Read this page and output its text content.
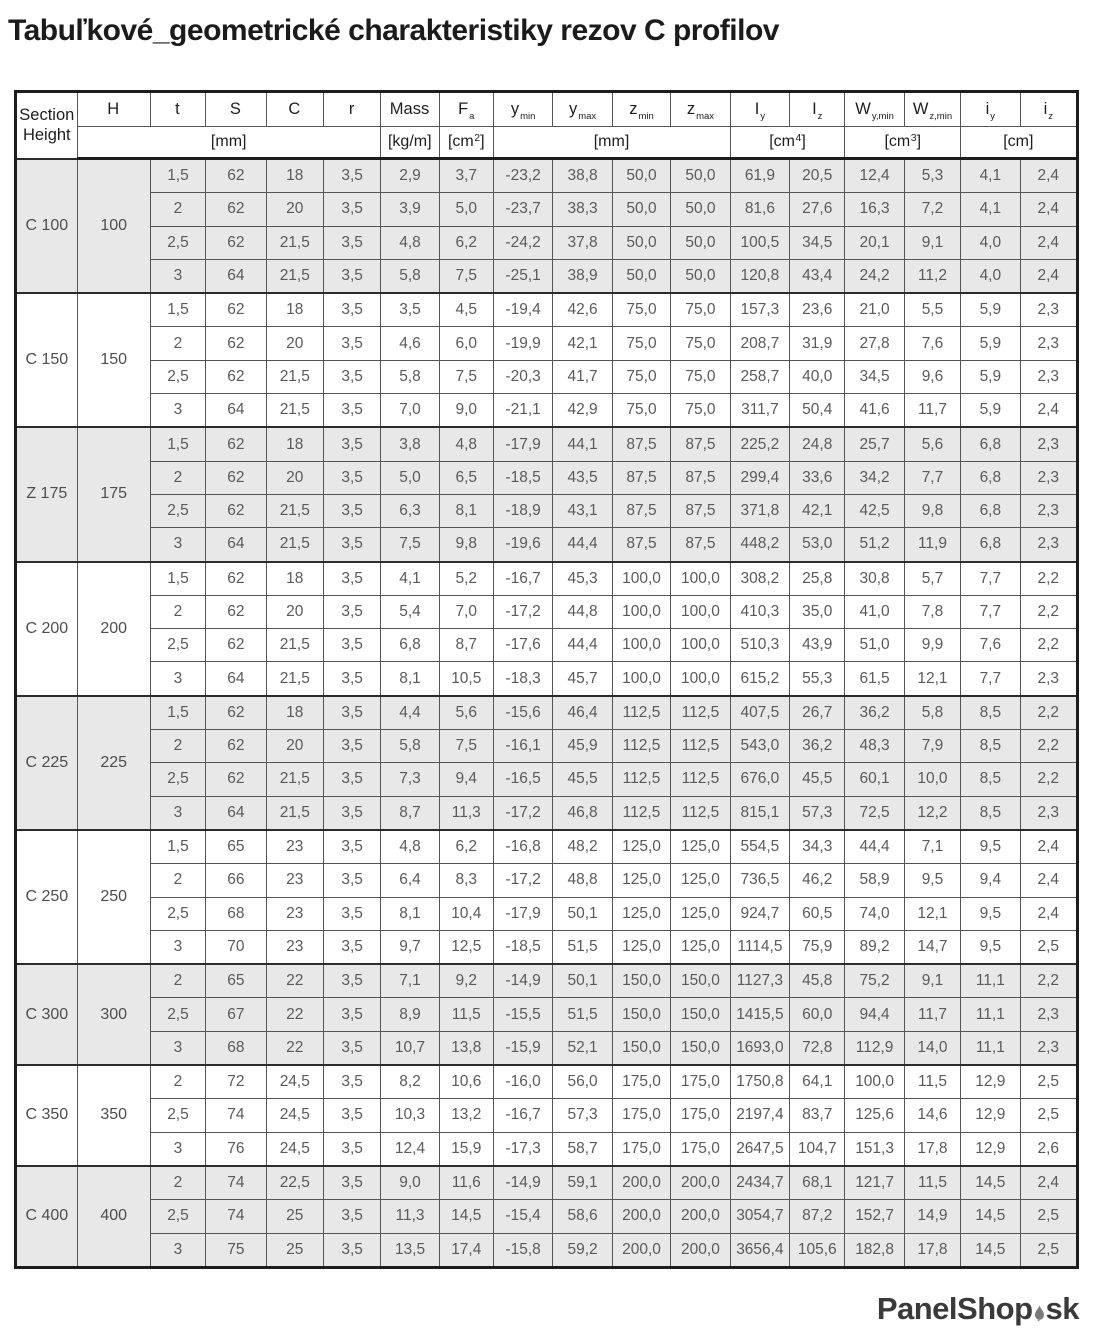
Tabuľkové_geometrické charakteristiky rezov C profilov
Section
Height	H	t	S	C	r	Mass	$F_a$	$y_{min}$	$y_{max}$	$z_{min}$	$z_{max}$	$I_y$	$I_z$	$W_{y,min}$	$W_{z,min}$	$i_y$	$i_z$
	[mm]					[kg/m]	$[cm^2]$	[mm]				$[cm^4]$		$[cm^3]$		[cm]	
C 100	100	1,5	62	18	3,5	2,9	3,7	-23,2	38,8	50,0	50,0	61,9	20,5	12,4	5,3	4,1	2,4
		2	62	20	3,5	3,9	5,0	-23,7	38,3	50,0	50,0	81,6	27,6	16,3	7,2	4,1	2,4
		2,5	62	21,5	3,5	4,8	6,2	-24,2	37,8	50,0	50,0	100,5	34,5	20,1	9,1	4,0	2,4
		3	64	21,5	3,5	5,8	7,5	-25,1	38,9	50,0	50,0	120,8	43,4	24,2	11,2	4,0	2,4
C 150	150	1,5	62	18	3,5	3,5	4,5	-19,4	42,6	75,0	75,0	157,3	23,6	21,0	5,5	5,9	2,3
		2	62	20	3,5	4,6	6,0	-19,9	42,1	75,0	75,0	208,7	31,9	27,8	7,6	5,9	2,3
		2,5	62	21,5	3,5	5,8	7,5	-20,3	41,7	75,0	75,0	258,7	40,0	34,5	9,6	5,9	2,3
		3	64	21,5	3,5	7,0	9,0	-21,1	42,9	75,0	75,0	311,7	50,4	41,6	11,7	5,9	2,4
Z 175	175	1,5	62	18	3,5	3,8	4,8	-17,9	44,1	87,5	87,5	225,2	24,8	25,7	5,6	6,8	2,3
		2	62	20	3,5	5,0	6,5	-18,5	43,5	87,5	87,5	299,4	33,6	34,2	7,7	6,8	2,3
		2,5	62	21,5	3,5	6,3	8,1	-18,9	43,1	87,5	87,5	371,8	42,1	42,5	9,8	6,8	2,3
		3	64	21,5	3,5	7,5	9,8	-19,6	44,4	87,5	87,5	448,2	53,0	51,2	11,9	6,8	2,3
C 200	200	1,5	62	18	3,5	4,1	5,2	-16,7	45,3	100,0	100,0	308,2	25,8	30,8	5,7	7,7	2,2
		2	62	20	3,5	5,4	7,0	-17,2	44,8	100,0	100,0	410,3	35,0	41,0	7,8	7,7	2,2
		2,5	62	21,5	3,5	6,8	8,7	-17,6	44,4	100,0	100,0	510,3	43,9	51,0	9,9	7,6	2,2
		3	64	21,5	3,5	8,1	10,5	-18,3	45,7	100,0	100,0	615,2	55,3	61,5	12,1	7,7	2,3
C 225	225	1,5	62	18	3,5	4,4	5,6	-15,6	46,4	112,5	112,5	407,5	26,7	36,2	5,8	8,5	2,2
		2	62	20	3,5	5,8	7,5	-16,1	45,9	112,5	112,5	543,0	36,2	48,3	7,9	8,5	2,2
		2,5	62	21,5	3,5	7,3	9,4	-16,5	45,5	112,5	112,5	676,0	45,5	60,1	10,0	8,5	2,2
		3	64	21,5	3,5	8,7	11,3	-17,2	46,8	112,5	112,5	815,1	57,3	72,5	12,2	8,5	2,3
C 250	250	1,5	65	23	3,5	4,8	6,2	-16,8	48,2	125,0	125,0	554,5	34,3	44,4	7,1	9,5	2,4
		2	66	23	3,5	6,4	8,3	-17,2	48,8	125,0	125,0	736,5	46,2	58,9	9,5	9,4	2,4
		2,5	68	23	3,5	8,1	10,4	-17,9	50,1	125,0	125,0	924,7	60,5	74,0	12,1	9,5	2,4
		3	70	23	3,5	9,7	12,5	-18,5	51,5	125,0	125,0	1114,5	75,9	89,2	14,7	9,5	2,5
C 300	300	2	65	22	3,5	7,1	9,2	-14,9	50,1	150,0	150,0	1127,3	45,8	75,2	9,1	11,1	2,2
		2,5	67	22	3,5	8,9	11,5	-15,5	51,5	150,0	150,0	1415,5	60,0	94,4	11,7	11,1	2,3
		3	68	22	3,5	10,7	13,8	-15,9	52,1	150,0	150,0	1693,0	72,8	112,9	14,0	11,1	2,3
C 350	350	2	72	24,5	3,5	8,2	10,6	-16,0	56,0	175,0	175,0	1750,8	64,1	100,0	11,5	12,9	2,5
		2,5	74	24,5	3,5	10,3	13,2	-16,7	57,3	175,0	175,0	2197,4	83,7	125,6	14,6	12,9	2,5
		3	76	24,5	3,5	12,4	15,9	-17,3	58,7	175,0	175,0	2647,5	104,7	151,3	17,8	12,9	2,6
C 400	400	2	74	22,5	3,5	9,0	11,6	-14,9	59,1	200,0	200,0	2434,7	68,1	121,7	11,5	14,5	2,4
		2,5	74	25	3,5	11,3	14,5	-15,4	58,6	200,0	200,0	3054,7	87,2	152,7	14,9	14,5	2,5
		3	75	25	3,5	13,5	17,4	-15,8	59,2	200,0	200,0	3656,4	105,6	182,8	17,8	14,5	2,5
PanelShop sk
